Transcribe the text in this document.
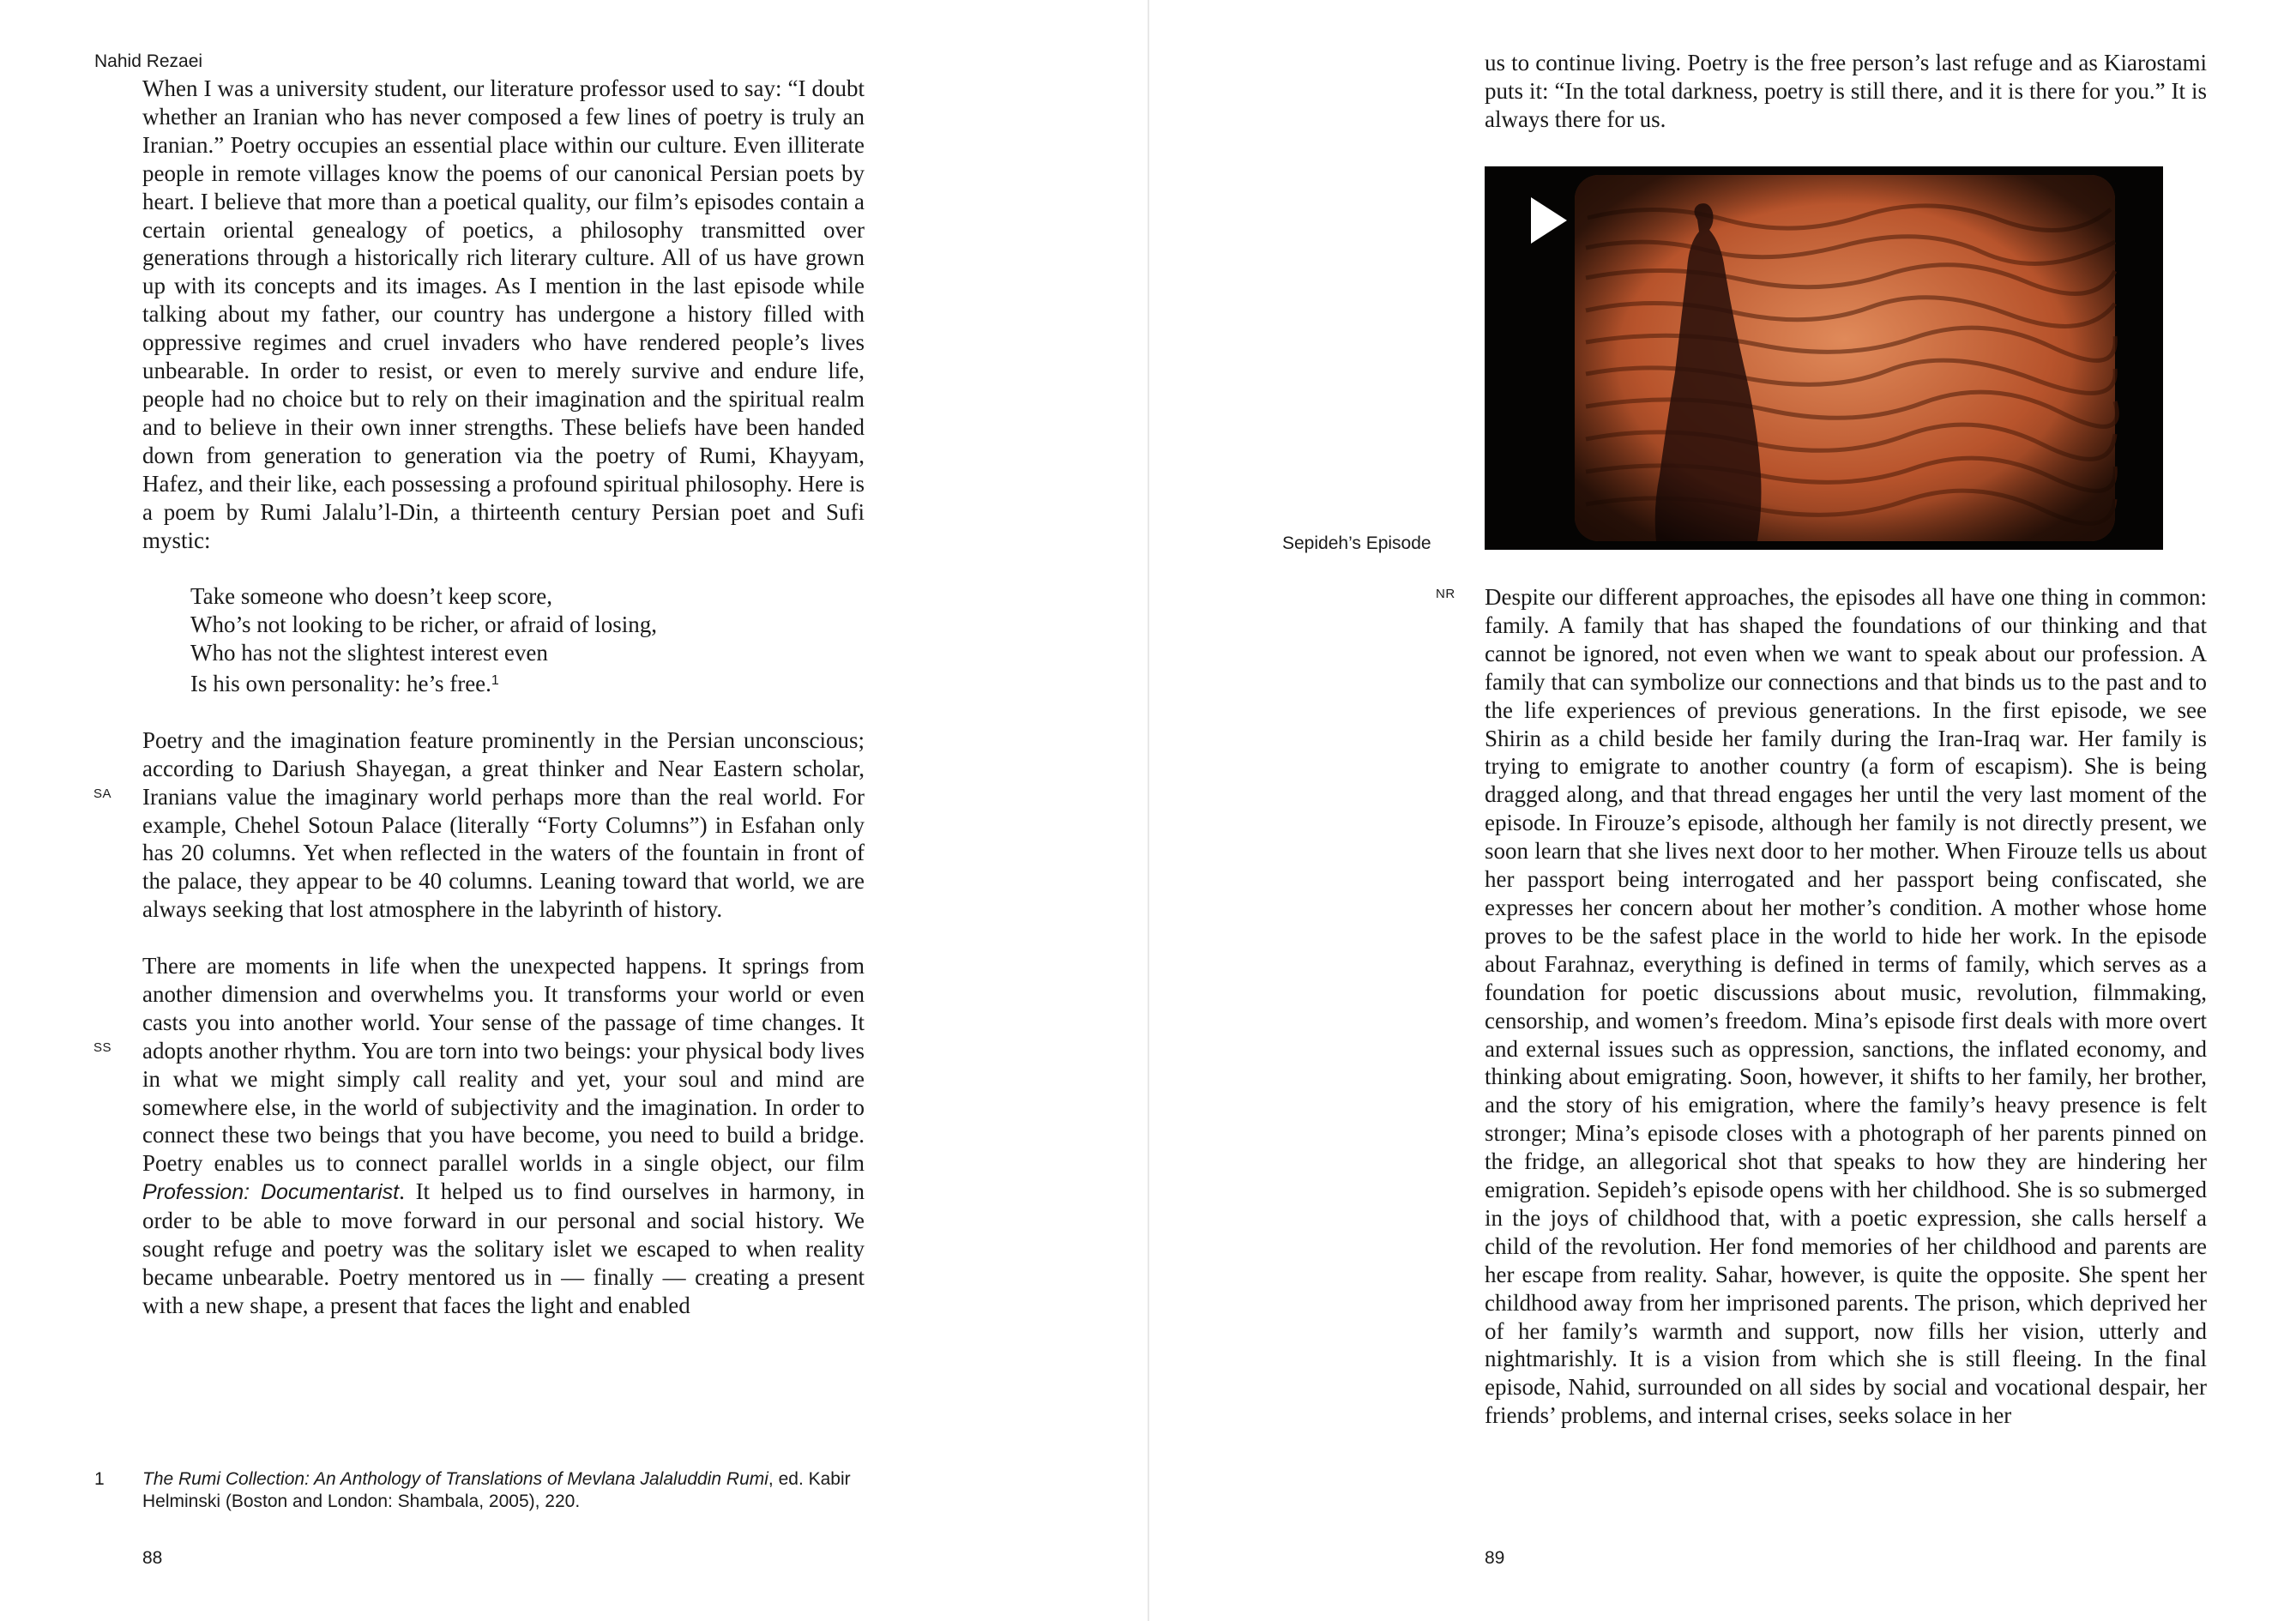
Nahid Rezaei

When I was a university student, our literature professor used to say: “I doubt whether an Iranian who has never composed a few lines of poetry is truly an Iranian.” Poetry occupies an essential place within our culture. Even illiterate people in remote villages know the poems of our canonical Persian poets by heart. I believe that more than a poetical quality, our film’s episodes contain a certain oriental genealogy of poetics, a philosophy transmitted over generations through a historically rich literary culture. All of us have grown up with its concepts and its images. As I mention in the last episode while talking about my father, our country has undergone a history filled with oppressive regimes and cruel invaders who have rendered people’s lives unbearable. In order to resist, or even to merely survive and endure life, people had no choice but to rely on their imagination and the spiritual realm and to believe in their own inner strengths. These beliefs have been handed down from generation to generation via the poetry of Rumi, Khayyam, Hafez, and their like, each possessing a profound spiritual philosophy. Here is a poem by Rumi Jalalu’l-Din, a thirteenth century Persian poet and Sufi mystic:

Take someone who doesn’t keep score,
Who’s not looking to be richer, or afraid of losing,
Who has not the slightest interest even
Is his own personality: he’s free.$^1$

Poetry and the imagination feature prominently in the Persian unconscious; according to Dariush Shayegan, a great thinker and Near Eastern scholar, Iranians value the imaginary world perhaps more than the real world. For example, Chehel Sotoun Palace (literally “Forty Columns”) in Esfahan only has 20 columns. Yet when reflected in the waters of the fountain in front of the palace, they appear to be 40 columns. Leaning toward that world, we are always seeking that lost atmosphere in the labyrinth of history.

There are moments in life when the unexpected happens. It springs from another dimension and overwhelms you. It transforms your world or even casts you into another world. Your sense of the passage of time changes. It adopts another rhythm. You are torn into two beings: your physical body lives in what we might simply call reality and yet, your soul and mind are somewhere else, in the world of subjectivity and the imagination. In order to connect these two beings that you have become, you need to build a bridge. Poetry enables us to connect parallel worlds in a single object, our film Profession: Documentarist. It helped us to find ourselves in harmony, in order to be able to move forward in our personal and social history. We sought refuge and poetry was the solitary islet we escaped to when reality became unbearable. Poetry mentored us in — finally — creating a present with a new shape, a present that faces the light and enabled

SA
SS
1 The Rumi Collection: An Anthology of Translations of Mevlana Jalaluddin Rumi, ed. Kabir Helminski (Boston and London: Shambala, 2005), 220.
88
us to continue living. Poetry is the free person’s last refuge and as Kiarostami puts it: “In the total darkness, poetry is still there, and it is there for you.” It is always there for us.
Sepideh’s Episode
NR Despite our different approaches, the episodes all have one thing in common: family. A family that has shaped the foundations of our thinking and that cannot be ignored, not even when we want to speak about our profession. A family that can symbolize our connections and that binds us to the past and to the life experiences of previous generations. In the first episode, we see Shirin as a child beside her family during the Iran-Iraq war. Her family is trying to emigrate to another country (a form of escapism). She is being dragged along, and that thread engages her until the very last moment of the episode. In Firouze’s episode, although her family is not directly present, we soon learn that she lives next door to her mother. When Firouze tells us about her passport being interrogated and her passport being confiscated, she expresses her concern about her mother’s condition. A mother whose home proves to be the safest place in the world to hide her work. In the episode about Farahnaz, everything is defined in terms of family, which serves as a foundation for poetic discussions about music, revolution, filmmaking, censorship, and women’s freedom. Mina’s episode first deals with more overt and external issues such as oppression, sanctions, the inflated economy, and thinking about emigrating. Soon, however, it shifts to her family, her brother, and the story of his emigration, where the family’s heavy presence is felt stronger; Mina’s episode closes with a photograph of her parents pinned on the fridge, an allegorical shot that speaks to how they are hindering her emigration. Sepideh’s episode opens with her childhood. She is so submerged in the joys of childhood that, with a poetic expression, she calls herself a child of the revolution. Her fond memories of her childhood and parents are her escape from reality. Sahar, however, is quite the opposite. She spent her childhood away from her imprisoned parents. The prison, which deprived her of her family’s warmth and support, now fills her vision, utterly and nightmarishly. It is a vision from which she is still fleeing. In the final episode, Nahid, surrounded on all sides by social and vocational despair, her friends’ problems, and internal crises, seeks solace in her
89
